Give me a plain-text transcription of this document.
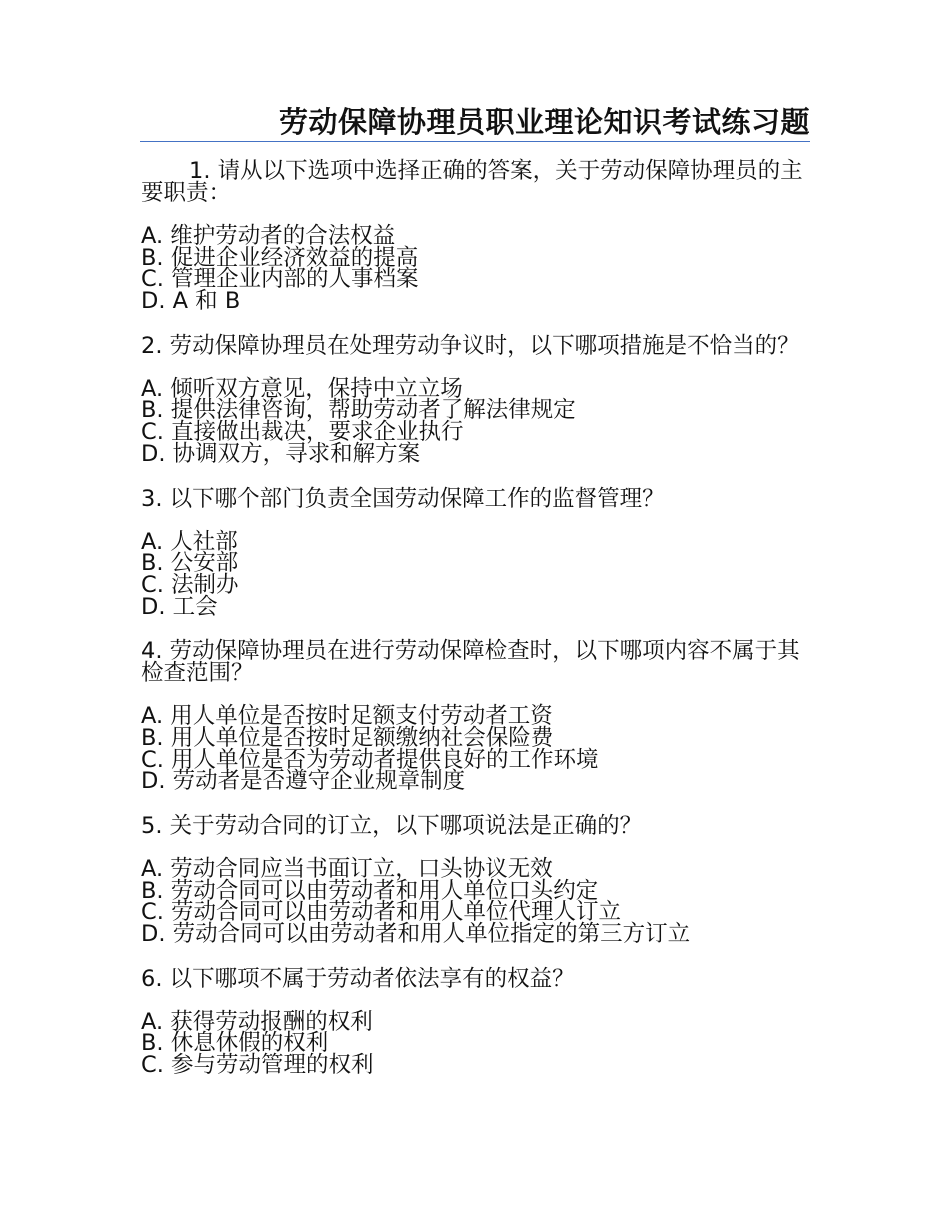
劳动保障协理员职业理论知识考试练习题
1. 请从以下选项中选择正确的答案，关于劳动保障协理员的主要职责：
A. 维护劳动者的合法权益
B. 促进企业经济效益的提高
C. 管理企业内部的人事档案
D. A 和 B
2. 劳动保障协理员在处理劳动争议时，以下哪项措施是不恰当的？
A. 倾听双方意见，保持中立立场
B. 提供法律咨询，帮助劳动者了解法律规定
C. 直接做出裁决，要求企业执行
D. 协调双方，寻求和解方案
3. 以下哪个部门负责全国劳动保障工作的监督管理？
A. 人社部
B. 公安部
C. 法制办
D. 工会
4. 劳动保障协理员在进行劳动保障检查时，以下哪项内容不属于其检查范围？
A. 用人单位是否按时足额支付劳动者工资
B. 用人单位是否按时足额缴纳社会保险费
C. 用人单位是否为劳动者提供良好的工作环境
D. 劳动者是否遵守企业规章制度
5. 关于劳动合同的订立，以下哪项说法是正确的？
A. 劳动合同应当书面订立，口头协议无效
B. 劳动合同可以由劳动者和用人单位口头约定
C. 劳动合同可以由劳动者和用人单位代理人订立
D. 劳动合同可以由劳动者和用人单位指定的第三方订立
6. 以下哪项不属于劳动者依法享有的权益？
A. 获得劳动报酬的权利
B. 休息休假的权利
C. 参与劳动管理的权利
